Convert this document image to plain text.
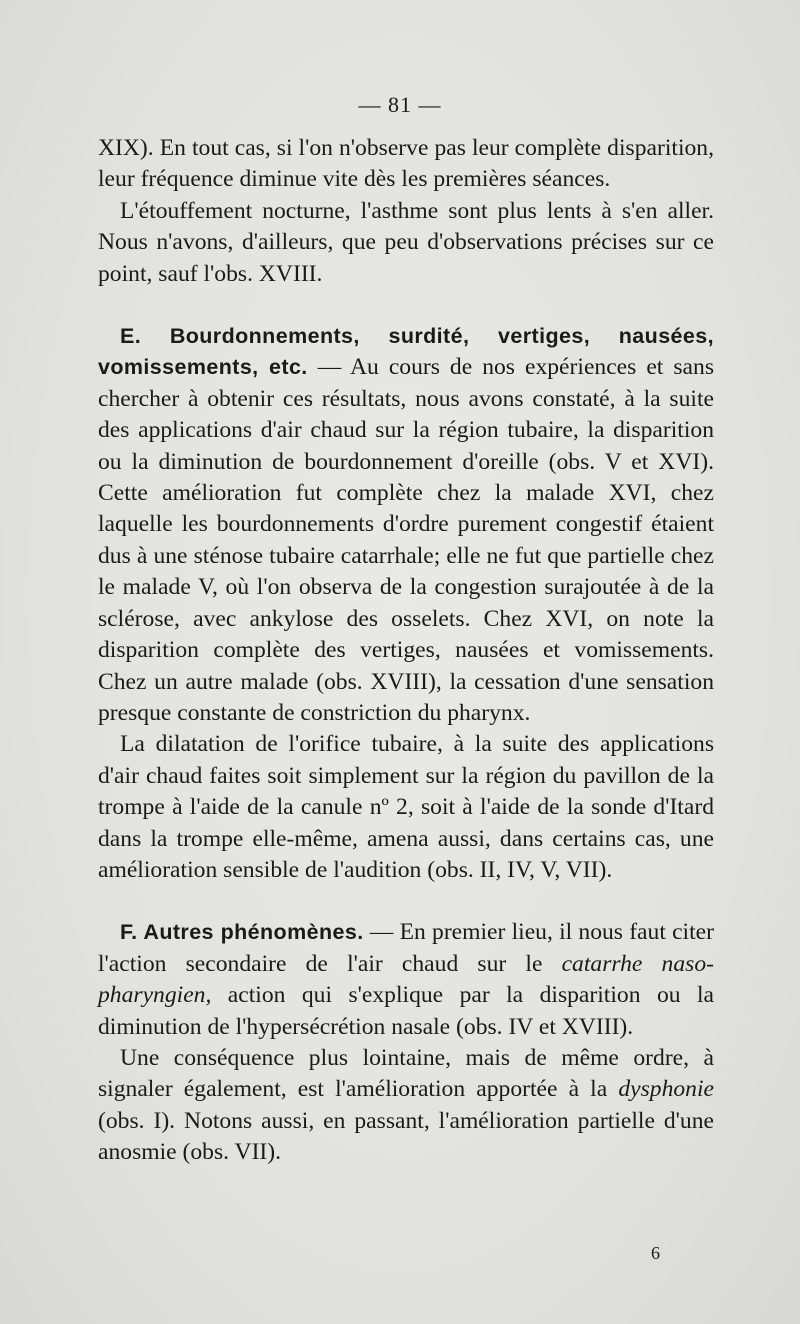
— 81 —

XIX). En tout cas, si l'on n'observe pas leur complète disparition, leur fréquence diminue vite dès les premières séances.

L'étouffement nocturne, l'asthme sont plus lents à s'en aller. Nous n'avons, d'ailleurs, que peu d'observations précises sur ce point, sauf l'obs. XVIII.

E. Bourdonnements, surdité, vertiges, nausées, vomissements, etc. — Au cours de nos expériences et sans chercher à obtenir ces résultats, nous avons constaté, à la suite des applications d'air chaud sur la région tubaire, la disparition ou la diminution de bourdonnement d'oreille (obs. V et XVI). Cette amélioration fut complète chez la malade XVI, chez laquelle les bourdonnements d'ordre purement congestif étaient dus à une sténose tubaire catarrhale; elle ne fut que partielle chez le malade V, où l'on observa de la congestion surajoutée à de la sclérose, avec ankylose des osselets. Chez XVI, on note la disparition complète des vertiges, nausées et vomissements. Chez un autre malade (obs. XVIII), la cessation d'une sensation presque constante de constriction du pharynx.

La dilatation de l'orifice tubaire, à la suite des applications d'air chaud faites soit simplement sur la région du pavillon de la trompe à l'aide de la canule nº 2, soit à l'aide de la sonde d'Itard dans la trompe elle-même, amena aussi, dans certains cas, une amélioration sensible de l'audition (obs. II, IV, V, VII).

F. Autres phénomènes. — En premier lieu, il nous faut citer l'action secondaire de l'air chaud sur le catarrhe naso-pharyngien, action qui s'explique par la disparition ou la diminution de l'hypersécrétion nasale (obs. IV et XVIII).

Une conséquence plus lointaine, mais de même ordre, à signaler également, est l'amélioration apportée à la dysphonie (obs. I). Notons aussi, en passant, l'amélioration partielle d'une anosmie (obs. VII).

6
